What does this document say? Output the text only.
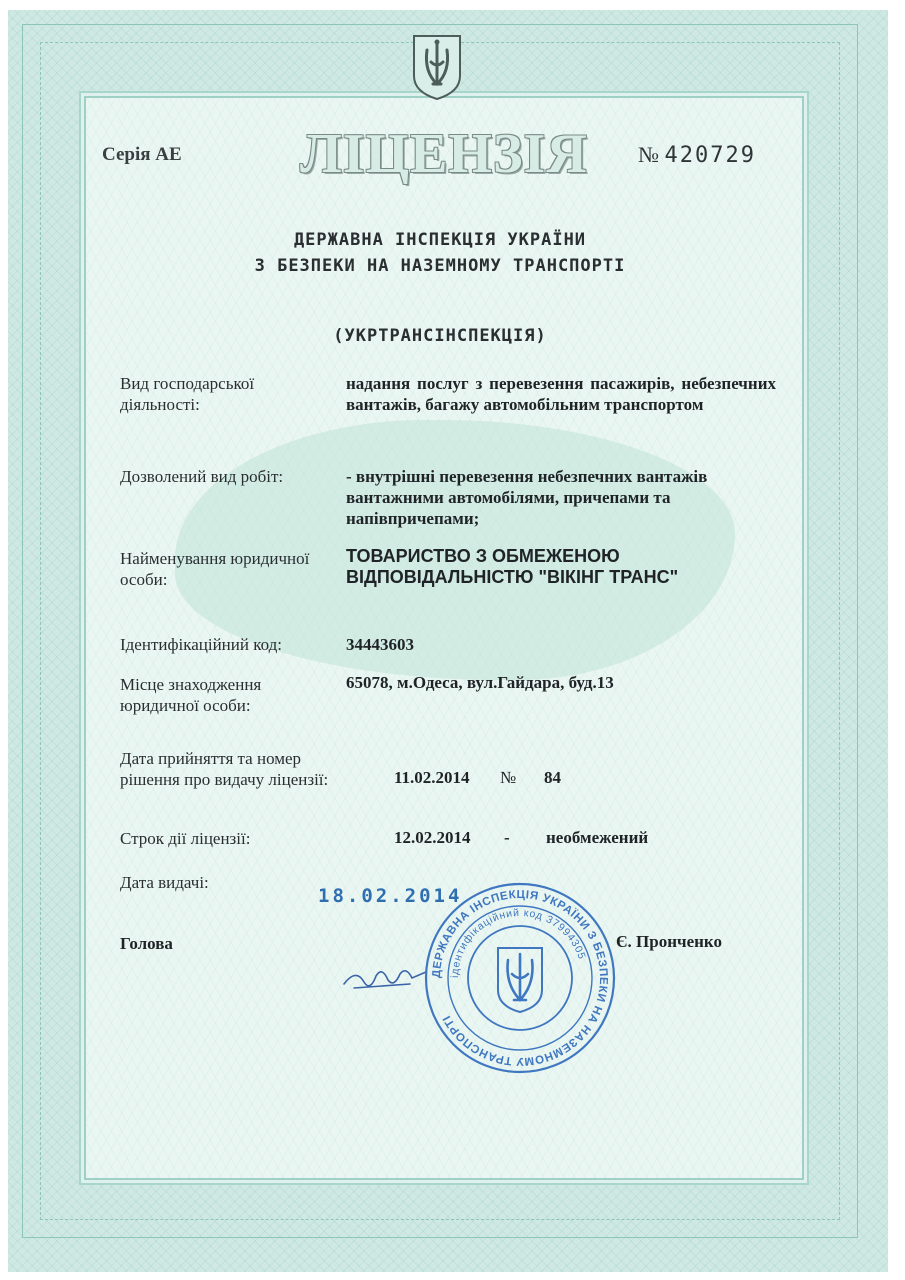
Серія АЕ ЛІЦЕНЗІЯ № 420729
ДЕРЖАВНА ІНСПЕКЦІЯ УКРАЇНИ
З БЕЗПЕКИ НА НАЗЕМНОМУ ТРАНСПОРТІ
(УКРТРАНСІНСПЕКЦІЯ)
Вид господарської діяльності:
надання послуг з перевезення пасажирів, небезпечних вантажів, багажу автомобільним транспортом
Дозволений вид робіт:	- внутрішні перевезення небезпечних вантажів вантажними автомобілями, причепами та напівпричепами;
Найменування юридичної особи:
ТОВАРИСТВО З ОБМЕЖЕНОЮ ВІДПОВІДАЛЬНІСТЮ "ВІКІНГ ТРАНС"
Ідентифікаційний код:	34443603
Місце знаходження юридичної особи:
65078, м.Одеса, вул.Гайдара, буд.13
Дата прийняття та номер рішення про видачу ліцензії:	11.02.2014 № 84
Строк дії ліцензії:	12.02.2014 - необмежений
Дата видачі:
18.02.2014
Голова	Є. Пронченко
ДЕРЖАВНА ІНСПЕКЦІЯ УКРАЇНИ З БЕЗПЕКИ НА НАЗЕМНОМУ ТРАНСПОРТІ
ідентифікаційний код 37994305
